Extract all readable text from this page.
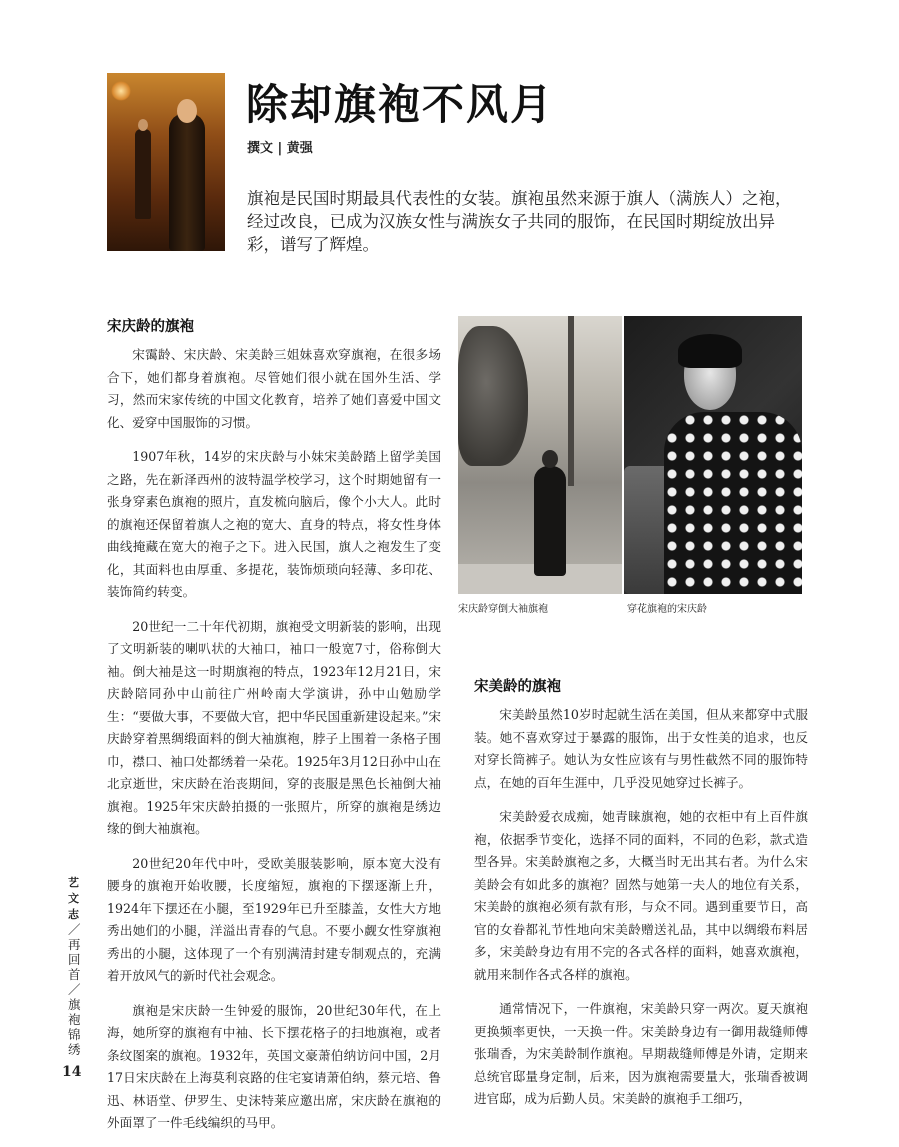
除却旗袍不风月
撰文 | 黄强

旗袍是民国时期最具代表性的女装。旗袍虽然来源于旗人（满族人）之袍，经过改良，已成为汉族女性与满族女子共同的服饰，在民国时期绽放出异彩，谱写了辉煌。

宋庆龄的旗袍

宋霭龄、宋庆龄、宋美龄三姐妹喜欢穿旗袍，在很多场合下，她们都身着旗袍。尽管她们很小就在国外生活、学习，然而宋家传统的中国文化教育，培养了她们喜爱中国文化、爱穿中国服饰的习惯。

1907年秋，14岁的宋庆龄与小妹宋美龄踏上留学美国之路，先在新泽西州的波特温学校学习，这个时期她留有一张身穿素色旗袍的照片，直发梳向脑后，像个小大人。此时的旗袍还保留着旗人之袍的宽大、直身的特点，将女性身体曲线掩藏在宽大的袍子之下。进入民国，旗人之袍发生了变化，其面料也由厚重、多提花，装饰烦琐向轻薄、多印花、装饰简约转变。

20世纪一二十年代初期，旗袍受文明新装的影响，出现了文明新装的喇叭状的大袖口，袖口一般宽7寸，俗称倒大袖。倒大袖是这一时期旗袍的特点，1923年12月21日，宋庆龄陪同孙中山前往广州岭南大学演讲，孙中山勉励学生：“要做大事，不要做大官，把中华民国重新建设起来。”宋庆龄穿着黑绸缎面料的倒大袖旗袍，脖子上围着一条格子围巾，襟口、袖口处都绣着一朵花。1925年3月12日孙中山在北京逝世，宋庆龄在治丧期间，穿的丧服是黑色长袖倒大袖旗袍。1925年宋庆龄拍摄的一张照片，所穿的旗袍是绣边缘的倒大袖旗袍。

20世纪20年代中叶，受欧美服装影响，原本宽大没有腰身的旗袍开始收腰，长度缩短，旗袍的下摆逐渐上升，1924年下摆还在小腿，至1929年已升至膝盖，女性大方地秀出她们的小腿，洋溢出青春的气息。不要小觑女性穿旗袍秀出的小腿，这体现了一个有别满清封建专制观点的，充满着开放风气的新时代社会观念。

旗袍是宋庆龄一生钟爱的服饰，20世纪30年代，在上海，她所穿的旗袍有中袖、长下摆花格子的扫地旗袍，或者条纹图案的旗袍。1932年，英国文豪萧伯纳访问中国，2月17日宋庆龄在上海莫利哀路的住宅宴请萧伯纳，蔡元培、鲁迅、林语堂、伊罗生、史沫特莱应邀出席，宋庆龄在旗袍的外面罩了一件毛线编织的马甲。

宋庆龄穿倒大袖旗袍	穿花旗袍的宋庆龄
宋美龄的旗袍

宋美龄虽然10岁时起就生活在美国，但从来都穿中式服装。她不喜欢穿过于暴露的服饰，出于女性美的追求，也反对穿长筒裤子。她认为女性应该有与男性截然不同的服饰特点，在她的百年生涯中，几乎没见她穿过长裤子。

宋美龄爱衣成痴，她青睐旗袍，她的衣柜中有上百件旗袍，依据季节变化，选择不同的面料，不同的色彩，款式造型各异。宋美龄旗袍之多，大概当时无出其右者。为什么宋美龄会有如此多的旗袍？固然与她第一夫人的地位有关系，宋美龄的旗袍必须有款有形，与众不同。遇到重要节日，高官的女眷都礼节性地向宋美龄赠送礼品，其中以绸缎布料居多，宋美龄身边有用不完的各式各样的面料，她喜欢旗袍，就用来制作各式各样的旗袍。

通常情况下，一件旗袍，宋美龄只穿一两次。夏天旗袍更换频率更快，一天换一件。宋美龄身边有一御用裁缝师傅张瑞香，为宋美龄制作旗袍。早期裁缝师傅是外请，定期来总统官邸量身定制，后来，因为旗袍需要量大，张瑞香被调进官邸，成为后勤人员。宋美龄的旗袍手工细巧，

艺文志／再回首／旗袍锦绣
14
